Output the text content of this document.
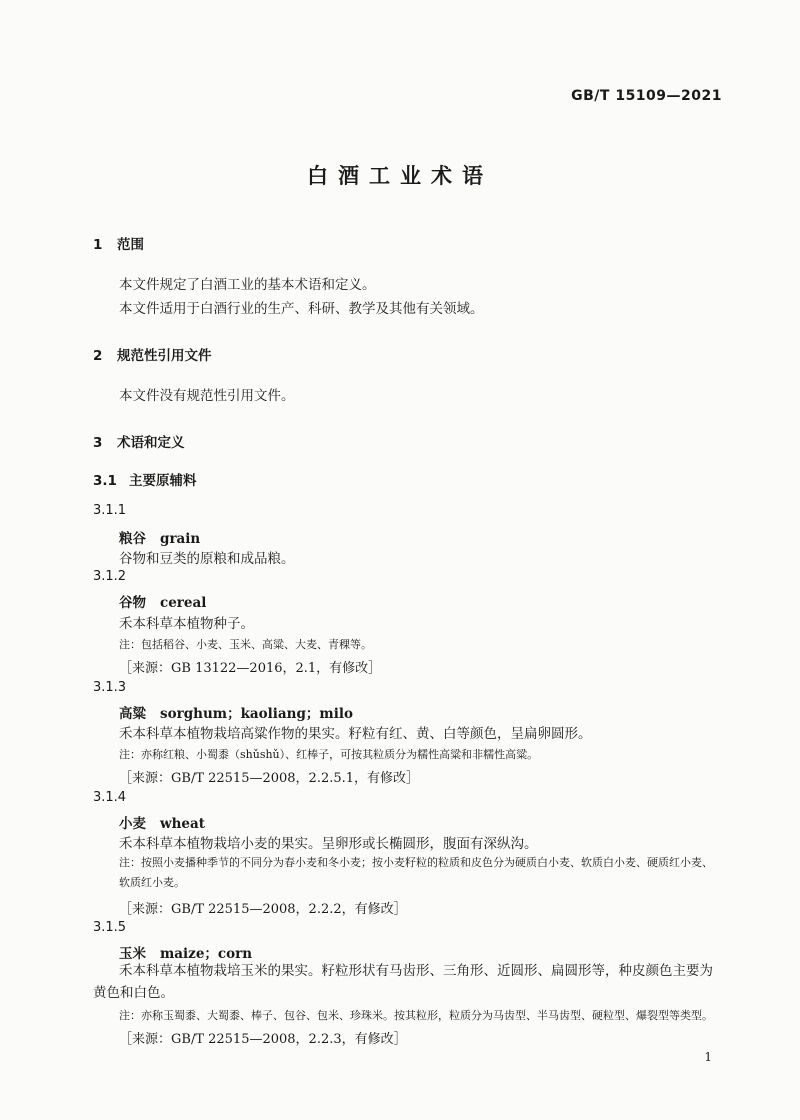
GB/T 15109—2021
白酒工业术语
1 范围
本文件规定了白酒工业的基本术语和定义。
本文件适用于白酒行业的生产、科研、教学及其他有关领域。
2 规范性引用文件
本文件没有规范性引用文件。
3 术语和定义
3.1 主要原辅料
3.1.1
粮谷 grain
谷物和豆类的原粮和成品粮。
3.1.2
谷物 cereal
禾本科草本植物种子。
注：包括稻谷、小麦、玉米、高粱、大麦、青稞等。
［来源：GB 13122—2016，2.1，有修改］
3.1.3
高粱 sorghum；kaoliang；milo
禾本科草本植物栽培高粱作物的果实。籽粒有红、黄、白等颜色，呈扁卵圆形。
注：亦称红粮、小蜀黍（shǔshǔ）、红棒子，可按其粒质分为糯性高粱和非糯性高粱。
［来源：GB/T 22515—2008，2.2.5.1，有修改］
3.1.4
小麦 wheat
禾本科草本植物栽培小麦的果实。呈卵形或长椭圆形，腹面有深纵沟。
注：按照小麦播种季节的不同分为春小麦和冬小麦；按小麦籽粒的粒质和皮色分为硬质白小麦、软质白小麦、硬质红小麦、软质红小麦。
［来源：GB/T 22515—2008，2.2.2，有修改］
3.1.5
玉米 maize；corn
禾本科草本植物栽培玉米的果实。籽粒形状有马齿形、三角形、近圆形、扁圆形等，种皮颜色主要为黄色和白色。
注：亦称玉蜀黍、大蜀黍、棒子、包谷、包米、珍珠米。按其粒形，粒质分为马齿型、半马齿型、硬粒型、爆裂型等类型。
［来源：GB/T 22515—2008，2.2.3，有修改］
1
